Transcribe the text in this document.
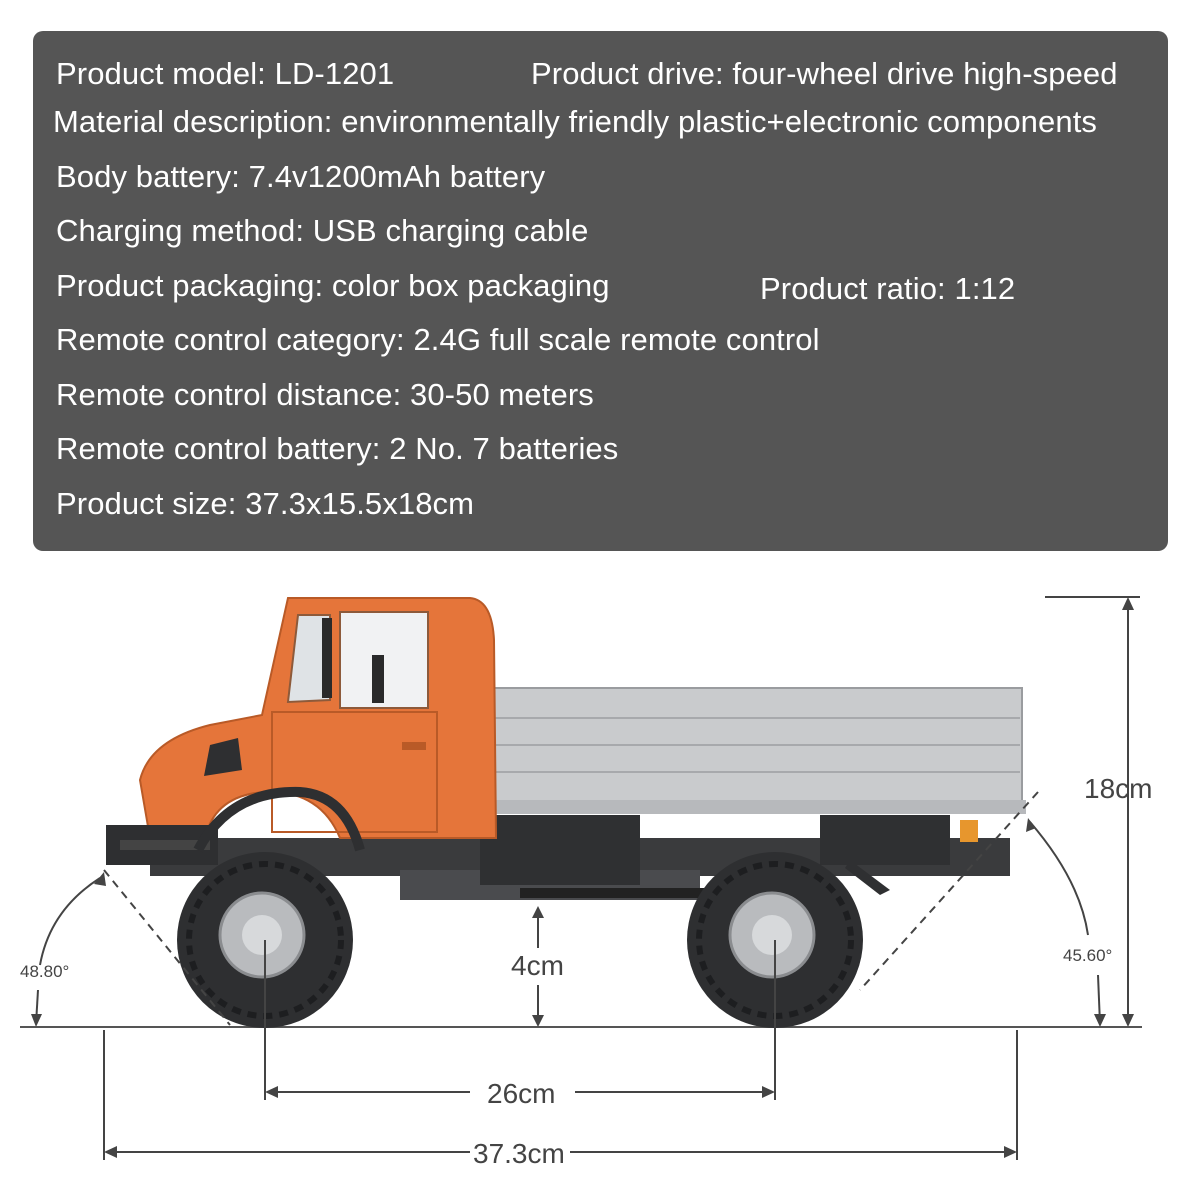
Product model: LD-1201	Product drive: four-wheel drive high-speed
Material description: environmentally friendly plastic+electronic components
Body battery: 7.4v1200mAh battery
Charging method: USB charging cable
Product packaging: color box packaging	Product ratio: 1:12
Remote control category: 2.4G full scale remote control
Remote control distance: 30-50 meters
Remote control battery: 2 No. 7 batteries
Product size: 37.3x15.5x18cm
18cm
4cm
26cm
37.3cm
48.80°
45.60°
